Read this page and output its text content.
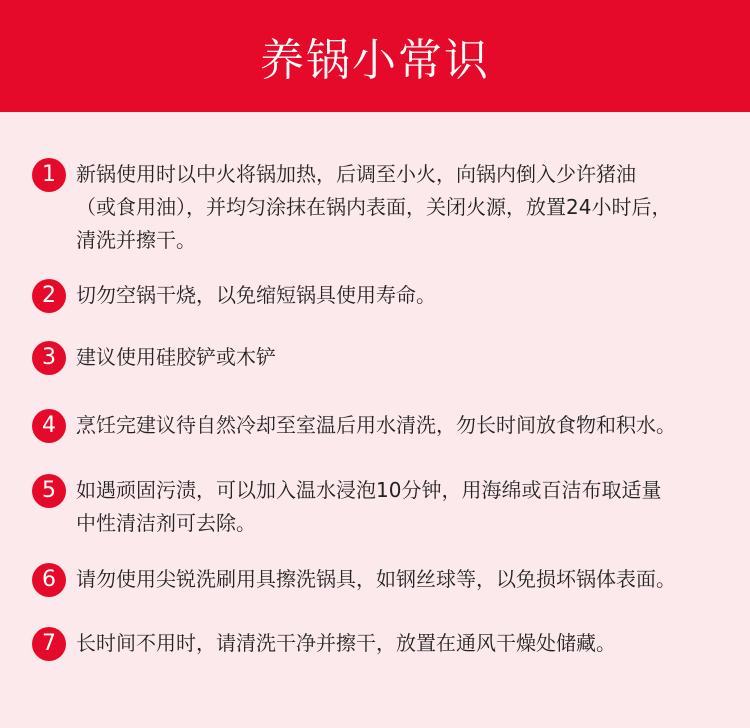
养锅小常识
1	新锅使用时以中火将锅加热，后调至小火，向锅内倒入少许猪油
（或食用油），并均匀涂抹在锅内表面，关闭火源，放置24小时后，
清洗并擦干。
2	切勿空锅干烧，以免缩短锅具使用寿命。
3	建议使用硅胶铲或木铲
4	烹饪完建议待自然冷却至室温后用水清洗，勿长时间放食物和积水。
5	如遇顽固污渍，可以加入温水浸泡10分钟，用海绵或百洁布取适量
中性清洁剂可去除。
6	请勿使用尖锐洗刷用具擦洗锅具，如钢丝球等，以免损坏锅体表面。
7	长时间不用时，请清洗干净并擦干，放置在通风干燥处储藏。
